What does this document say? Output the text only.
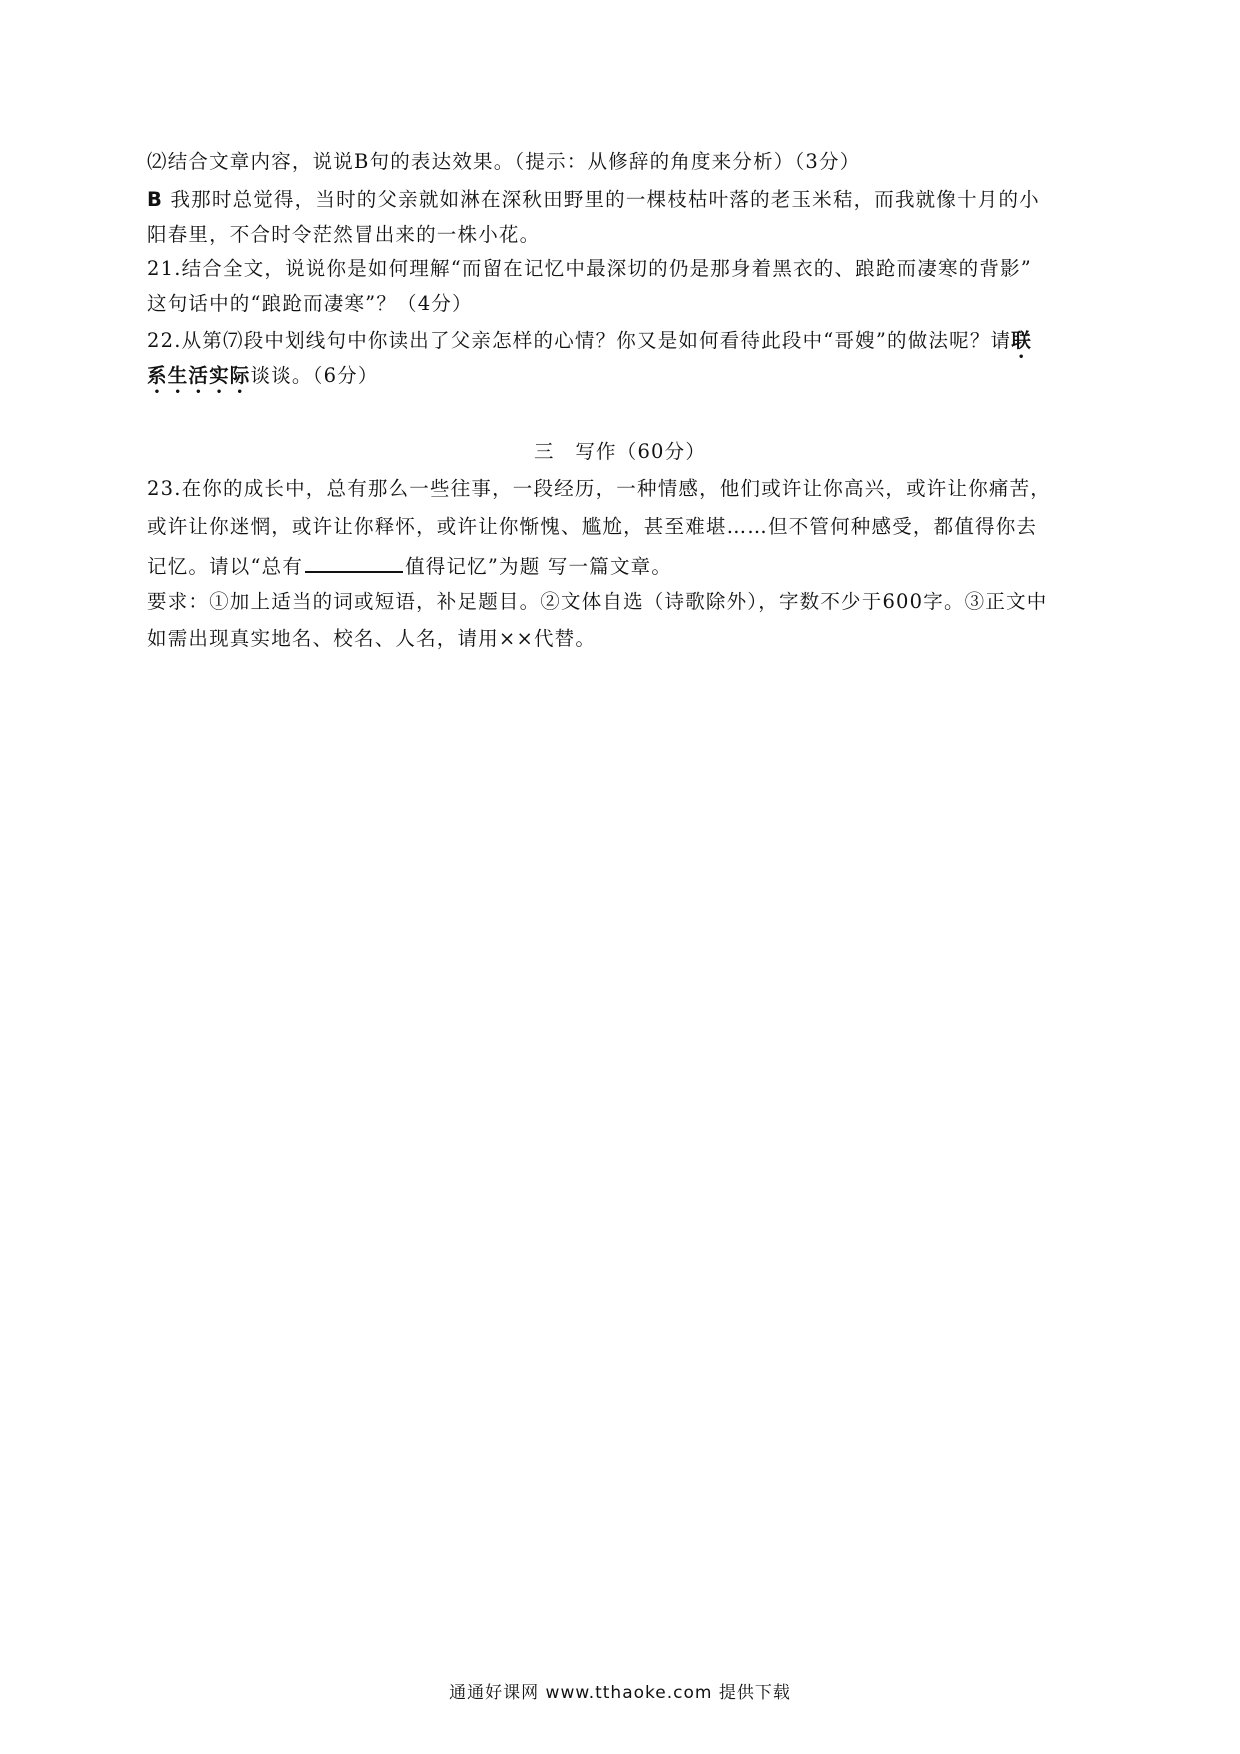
⑵结合文章内容，说说B句的表达效果。（提示：从修辞的角度来分析）（3分）
B 我那时总觉得，当时的父亲就如淋在深秋田野里的一棵枝枯叶落的老玉米秸，而我就像十月的小
阳春里，不合时令茫然冒出来的一株小花。
21.结合全文，说说你是如何理解“而留在记忆中最深切的仍是那身着黑衣的、踉跄而凄寒的背影”
这句话中的“踉跄而凄寒”？（4分）
22.从第⑺段中划线句中你读出了父亲怎样的心情？你又是如何看待此段中“哥嫂”的做法呢？请联
系生活实际谈谈。（6分）
三　写作（60分）
23.在你的成长中，总有那么一些往事，一段经历，一种情感，他们或许让你高兴，或许让你痛苦，
或许让你迷惘，或许让你释怀，或许让你惭愧、尴尬，甚至难堪……但不管何种感受，都值得你去
记忆。请以“总有	值得记忆”为题 写一篇文章。
要求：①加上适当的词或短语，补足题目。②文体自选（诗歌除外），字数不少于600字。③正文中
如需出现真实地名、校名、人名，请用××代替。
通通好课网 www.tthaoke.com 提供下载
